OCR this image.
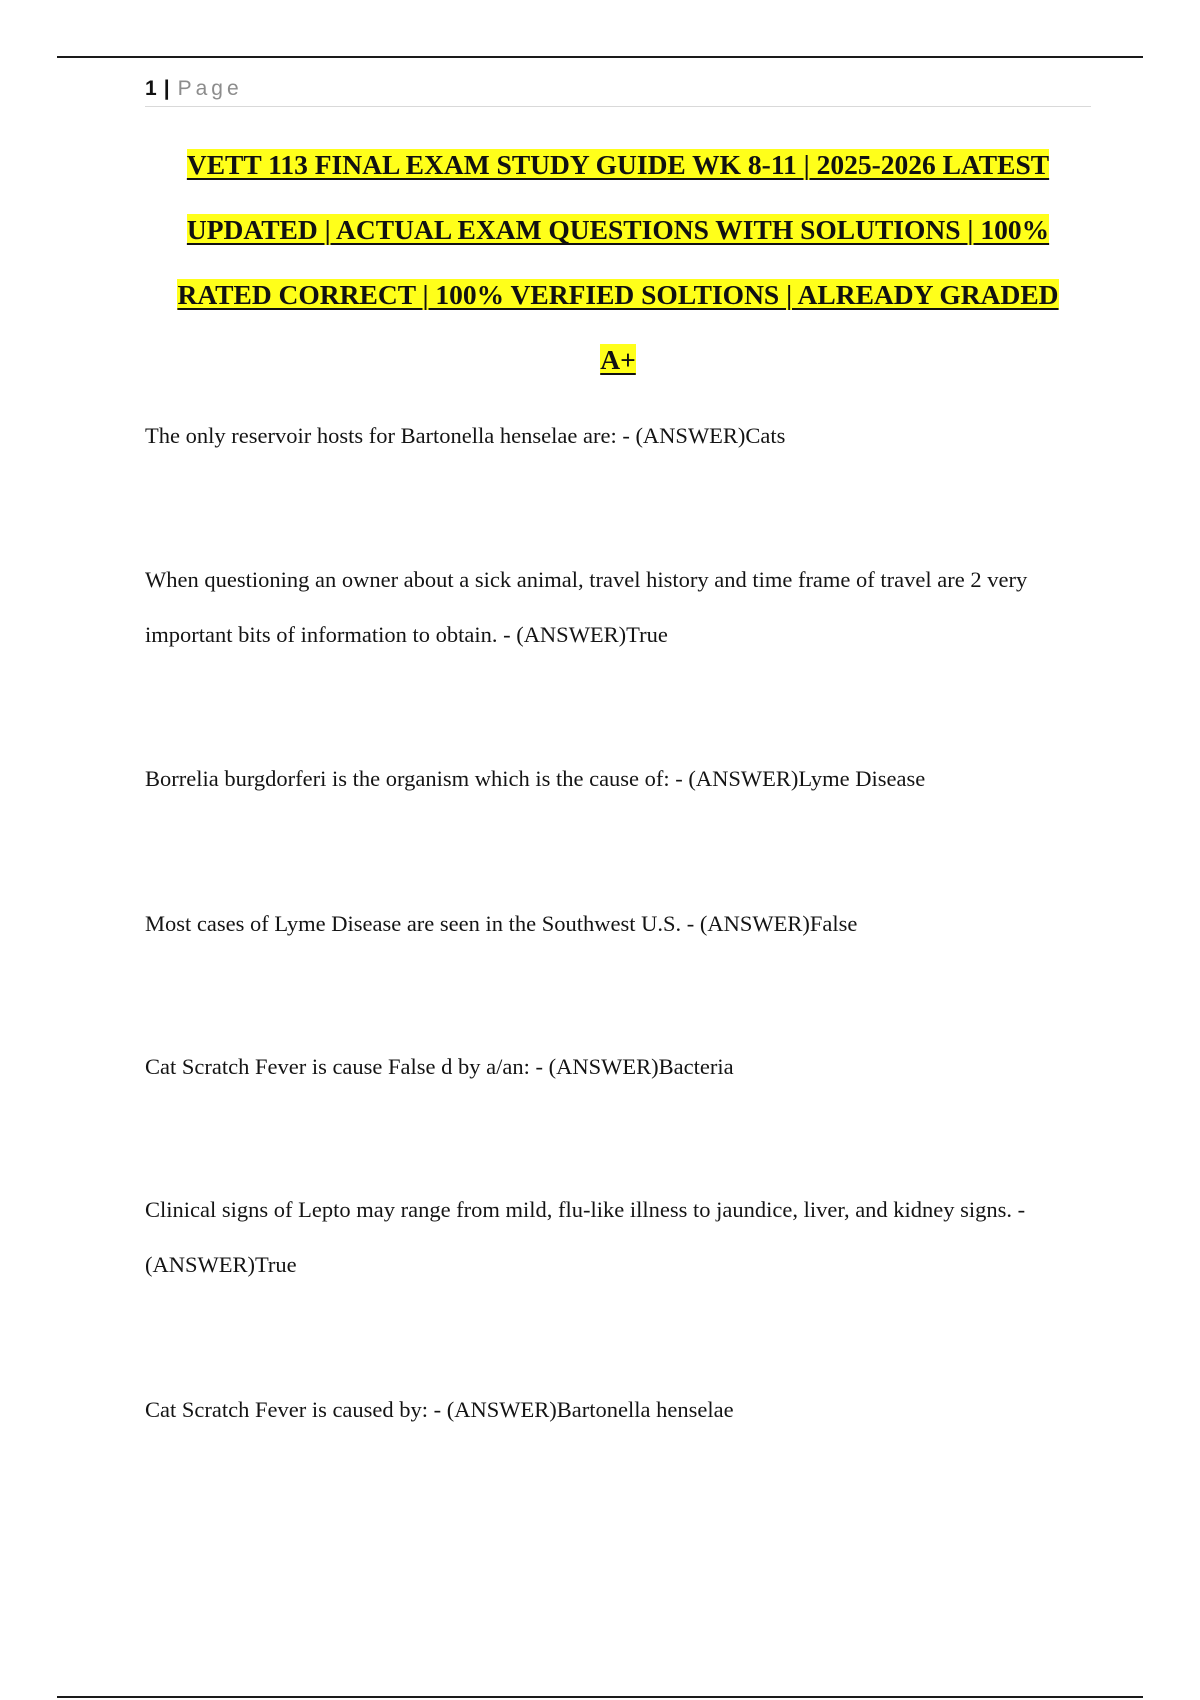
1 | Page
VETT 113 FINAL EXAM STUDY GUIDE WK 8-11 | 2025-2026 LATEST
UPDATED | ACTUAL EXAM QUESTIONS WITH SOLUTIONS | 100%
RATED CORRECT | 100% VERFIED SOLTIONS | ALREADY GRADED
A+
The only reservoir hosts for Bartonella henselae are: - (ANSWER)Cats
When questioning an owner about a sick animal, travel history and time frame of travel are 2 very important bits of information to obtain. - (ANSWER)True
Borrelia burgdorferi is the organism which is the cause of: - (ANSWER)Lyme Disease
Most cases of Lyme Disease are seen in the Southwest U.S. - (ANSWER)False
Cat Scratch Fever is cause False d by a/an: - (ANSWER)Bacteria
Clinical signs of Lepto may range from mild, flu-like illness to jaundice, liver, and kidney signs. - (ANSWER)True
Cat Scratch Fever is caused by: - (ANSWER)Bartonella henselae
